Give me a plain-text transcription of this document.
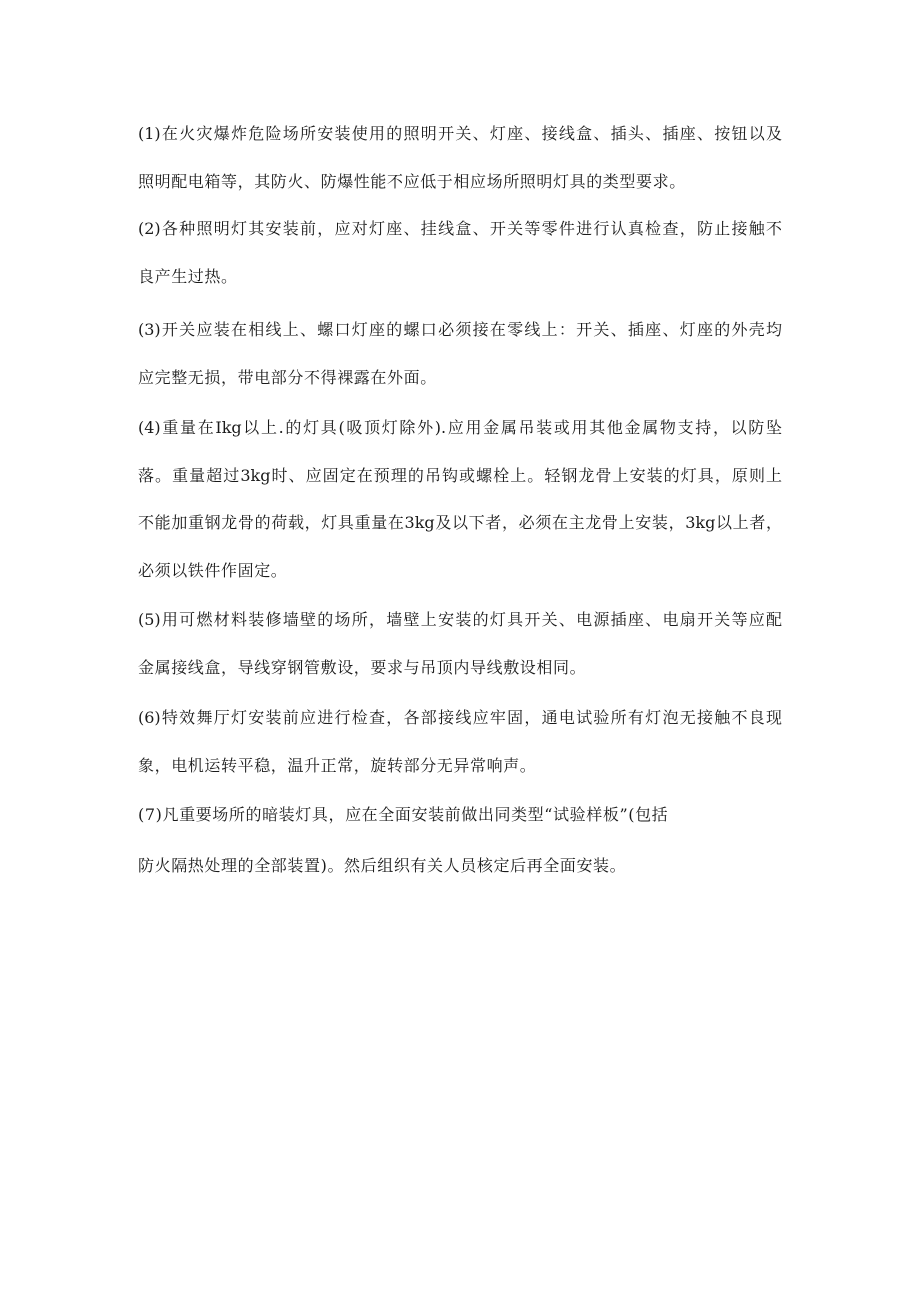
(1)在火灾爆炸危险场所安装使用的照明开关、灯座、接线盒、插头、插座、按钮以及

照明配电箱等，其防火、防爆性能不应低于相应场所照明灯具的类型要求。

(2)各种照明灯其安装前，应对灯座、挂线盒、开关等零件进行认真检查，防止接触不

良产生过热。

(3)开关应装在相线上、螺口灯座的螺口必须接在零线上：开关、插座、灯座的外壳均

应完整无损，带电部分不得裸露在外面。

(4)重量在Ikg以上.的灯具(吸顶灯除外).应用金属吊装或用其他金属物支持，以防坠

落。重量超过3kg时、应固定在预理的吊钩或螺栓上。轻钢龙骨上安装的灯具，原则上

不能加重钢龙骨的荷载，灯具重量在3kg及以下者，必须在主龙骨上安装，3kg以上者，

必须以铁件作固定。

(5)用可燃材料装修墙壁的场所，墙壁上安装的灯具开关、电源插座、电扇开关等应配

金属接线盒，导线穿钢管敷设，要求与吊顶内导线敷设相同。

(6)特效舞厅灯安装前应进行检查，各部接线应牢固，通电试验所有灯泡无接触不良现

象，电机运转平稳，温升正常，旋转部分无异常响声。

(7)凡重要场所的暗装灯具，应在全面安装前做出同类型“试验样板”(包括

防火隔热处理的全部装置)。然后组织有关人员核定后再全面安装。
